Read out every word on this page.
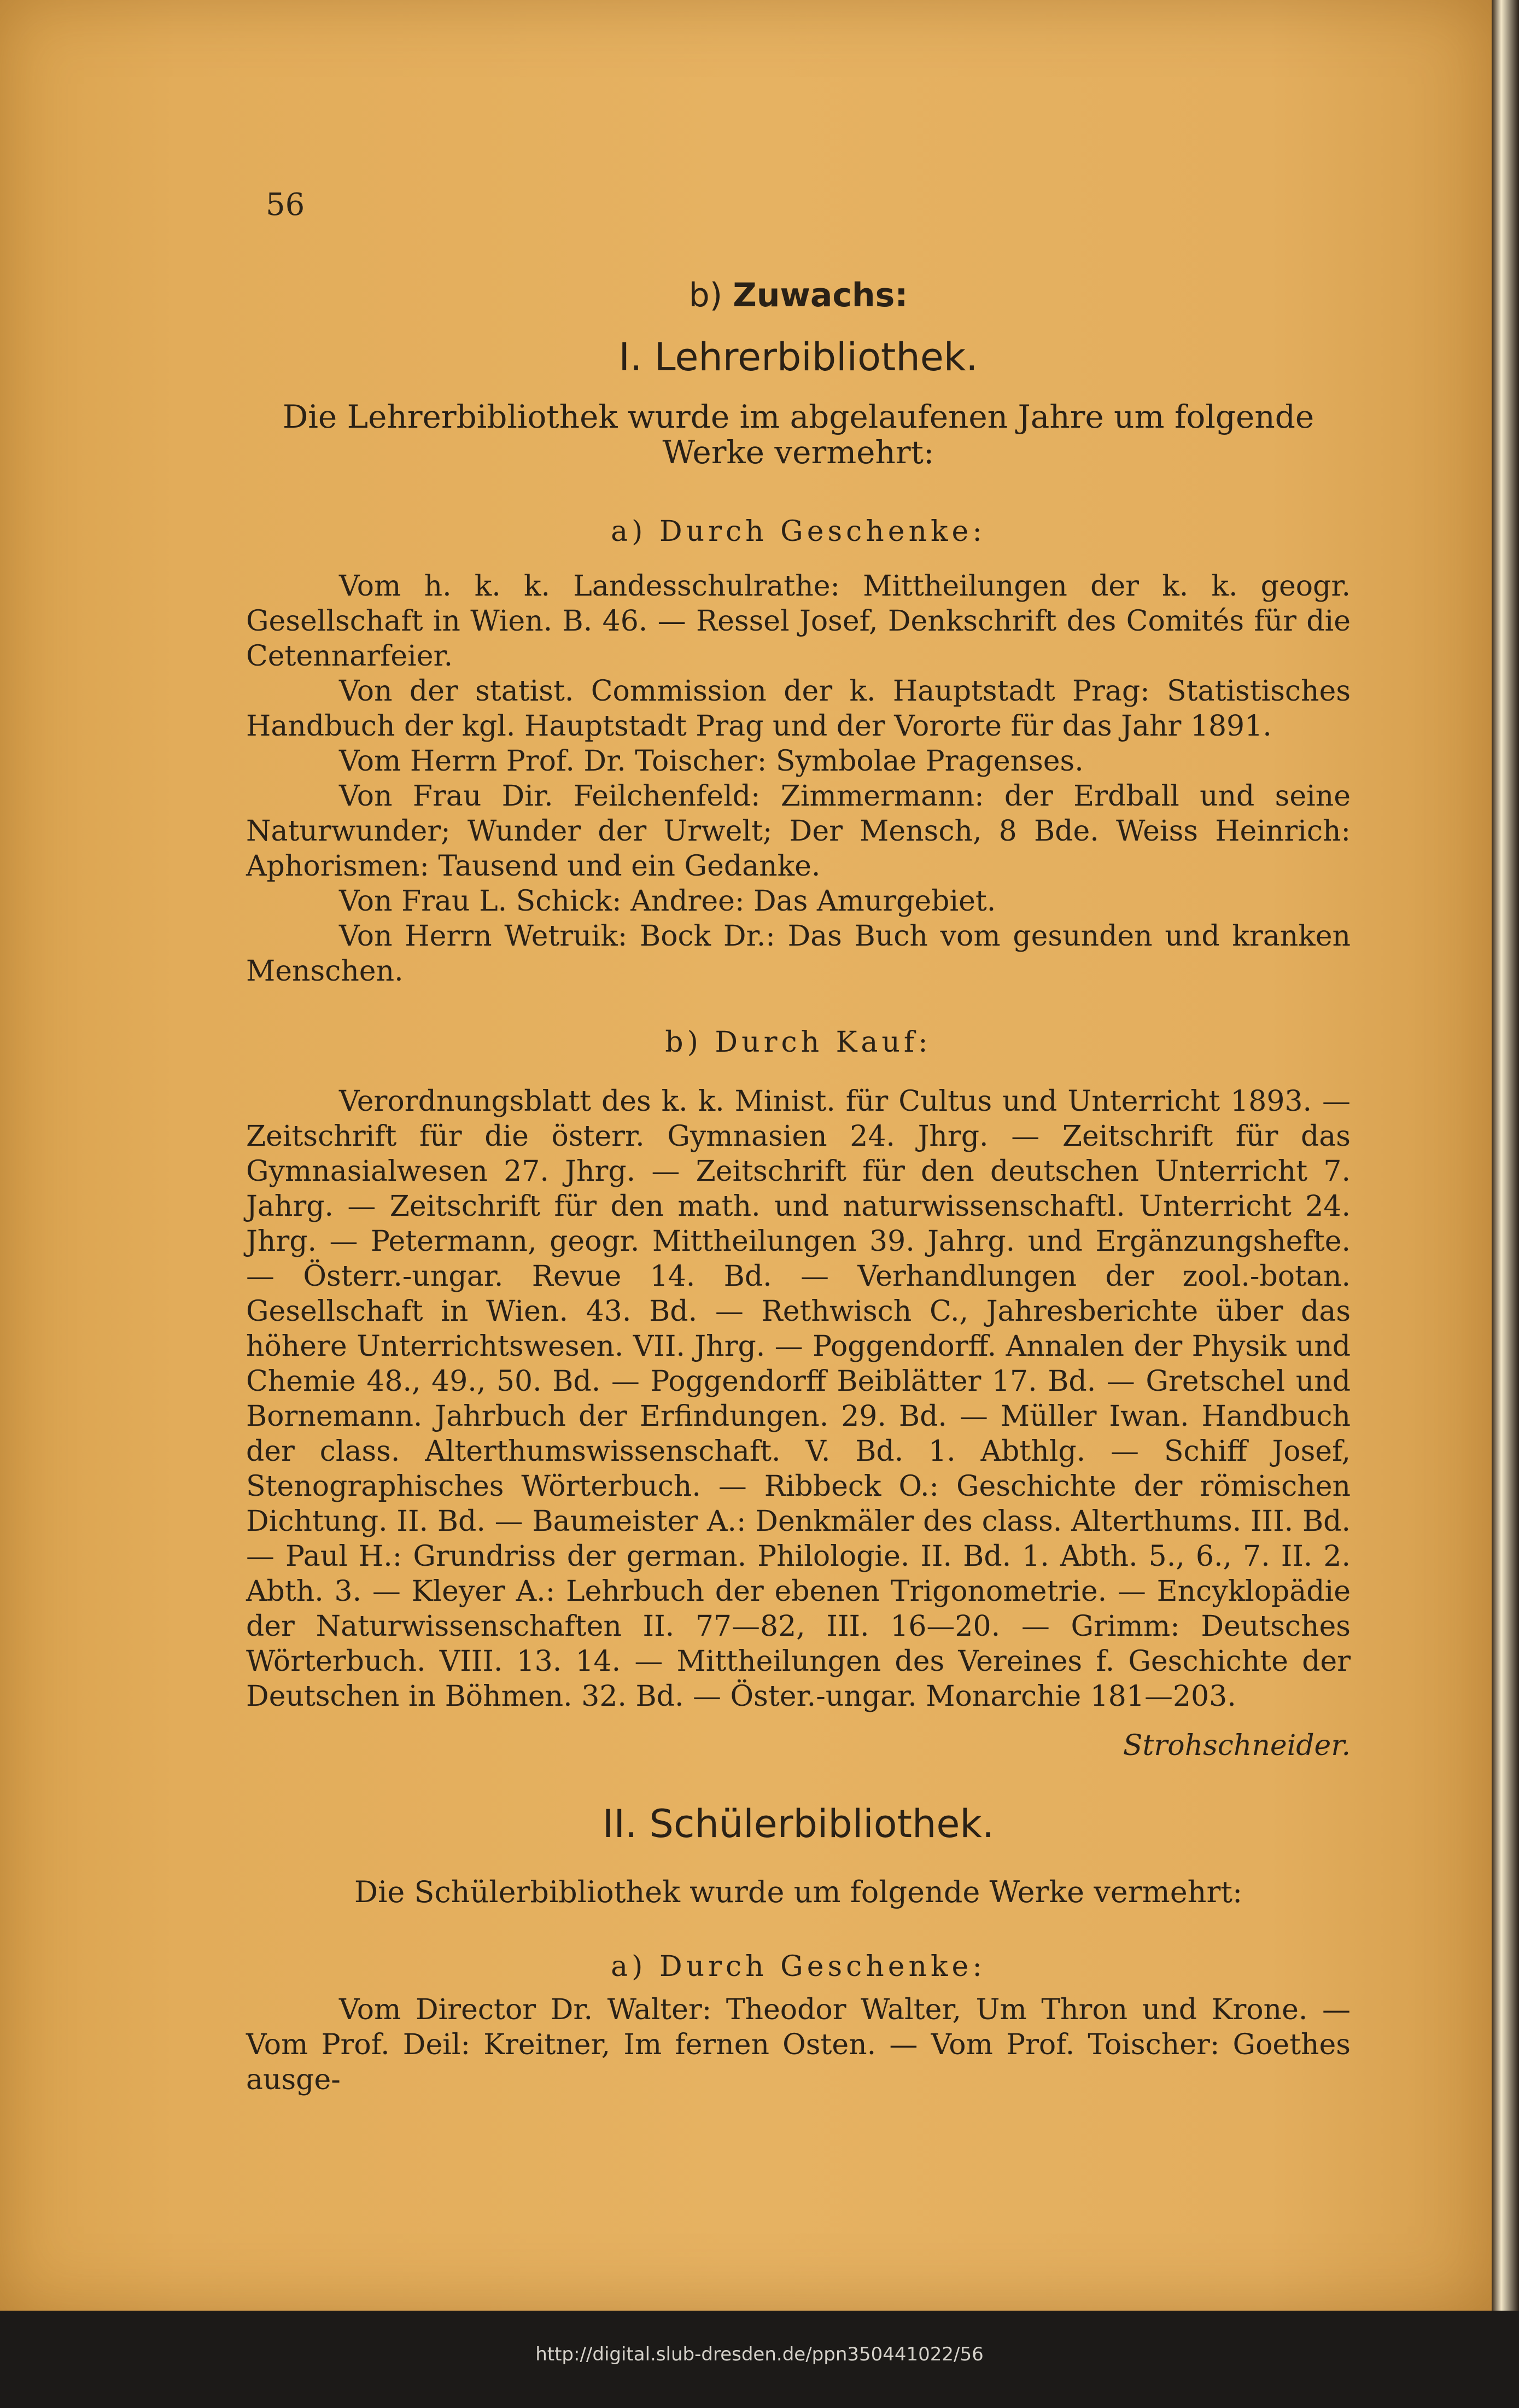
56
b) Zuwachs:
I. Lehrerbibliothek.
Die Lehrerbibliothek wurde im abgelaufenen Jahre um folgende
Werke vermehrt:
a) Durch Geschenke:

Vom h. k. k. Landesschulrathe: Mittheilungen der k. k. geogr. Gesellschaft in Wien. B. 46. — Ressel Josef, Denkschrift des Comités für die Cetennarfeier.

Von der statist. Commission der k. Hauptstadt Prag: Statistisches Handbuch der kgl. Hauptstadt Prag und der Vororte für das Jahr 1891.

Vom Herrn Prof. Dr. Toischer: Symbolae Pragenses.

Von Frau Dir. Feilchenfeld: Zimmermann: der Erdball und seine Naturwunder; Wunder der Urwelt; Der Mensch, 8 Bde. Weiss Heinrich: Aphorismen: Tausend und ein Gedanke.

Von Frau L. Schick: Andree: Das Amurgebiet.

Von Herrn Wetruik: Bock Dr.: Das Buch vom gesunden und kranken Menschen.

b) Durch Kauf:

Verordnungsblatt des k. k. Minist. für Cultus und Unterricht 1893. — Zeitschrift für die österr. Gymnasien 24. Jhrg. — Zeitschrift für das Gymnasialwesen 27. Jhrg. — Zeitschrift für den deutschen Unterricht 7. Jahrg. — Zeitschrift für den math. und naturwissenschaftl. Unterricht 24. Jhrg. — Petermann, geogr. Mittheilungen 39. Jahrg. und Ergänzungshefte. — Österr.-ungar. Revue 14. Bd. — Verhandlungen der zool.-botan. Gesellschaft in Wien. 43. Bd. — Rethwisch C., Jahresberichte über das höhere Unterrichtswesen. VII. Jhrg. — Poggendorff. Annalen der Physik und Chemie 48., 49., 50. Bd. — Poggendorff Beiblätter 17. Bd. — Gretschel und Bornemann. Jahrbuch der Erfindungen. 29. Bd. — Müller Iwan. Handbuch der class. Alterthumswissenschaft. V. Bd. 1. Abthlg. — Schiff Josef, Stenographisches Wörterbuch. — Ribbeck O.: Geschichte der römischen Dichtung. II. Bd. — Baumeister A.: Denkmäler des class. Alterthums. III. Bd. — Paul H.: Grundriss der german. Philologie. II. Bd. 1. Abth. 5., 6., 7. II. 2. Abth. 3. — Kleyer A.: Lehrbuch der ebenen Trigonometrie. — Encyklopädie der Naturwissenschaften II. 77—82, III. 16—20. — Grimm: Deutsches Wörterbuch. VIII. 13. 14. — Mittheilungen des Vereines f. Geschichte der Deutschen in Böhmen. 32. Bd. — Öster.-ungar. Monarchie 181—203.

Strohschneider.
II. Schülerbibliothek.
Die Schülerbibliothek wurde um folgende Werke vermehrt:
a) Durch Geschenke:

Vom Director Dr. Walter: Theodor Walter, Um Thron und Krone. — Vom Prof. Deil: Kreitner, Im fernen Osten. — Vom Prof. Toischer: Goethes ausge-

http://digital.slub-dresden.de/ppn350441022/56
